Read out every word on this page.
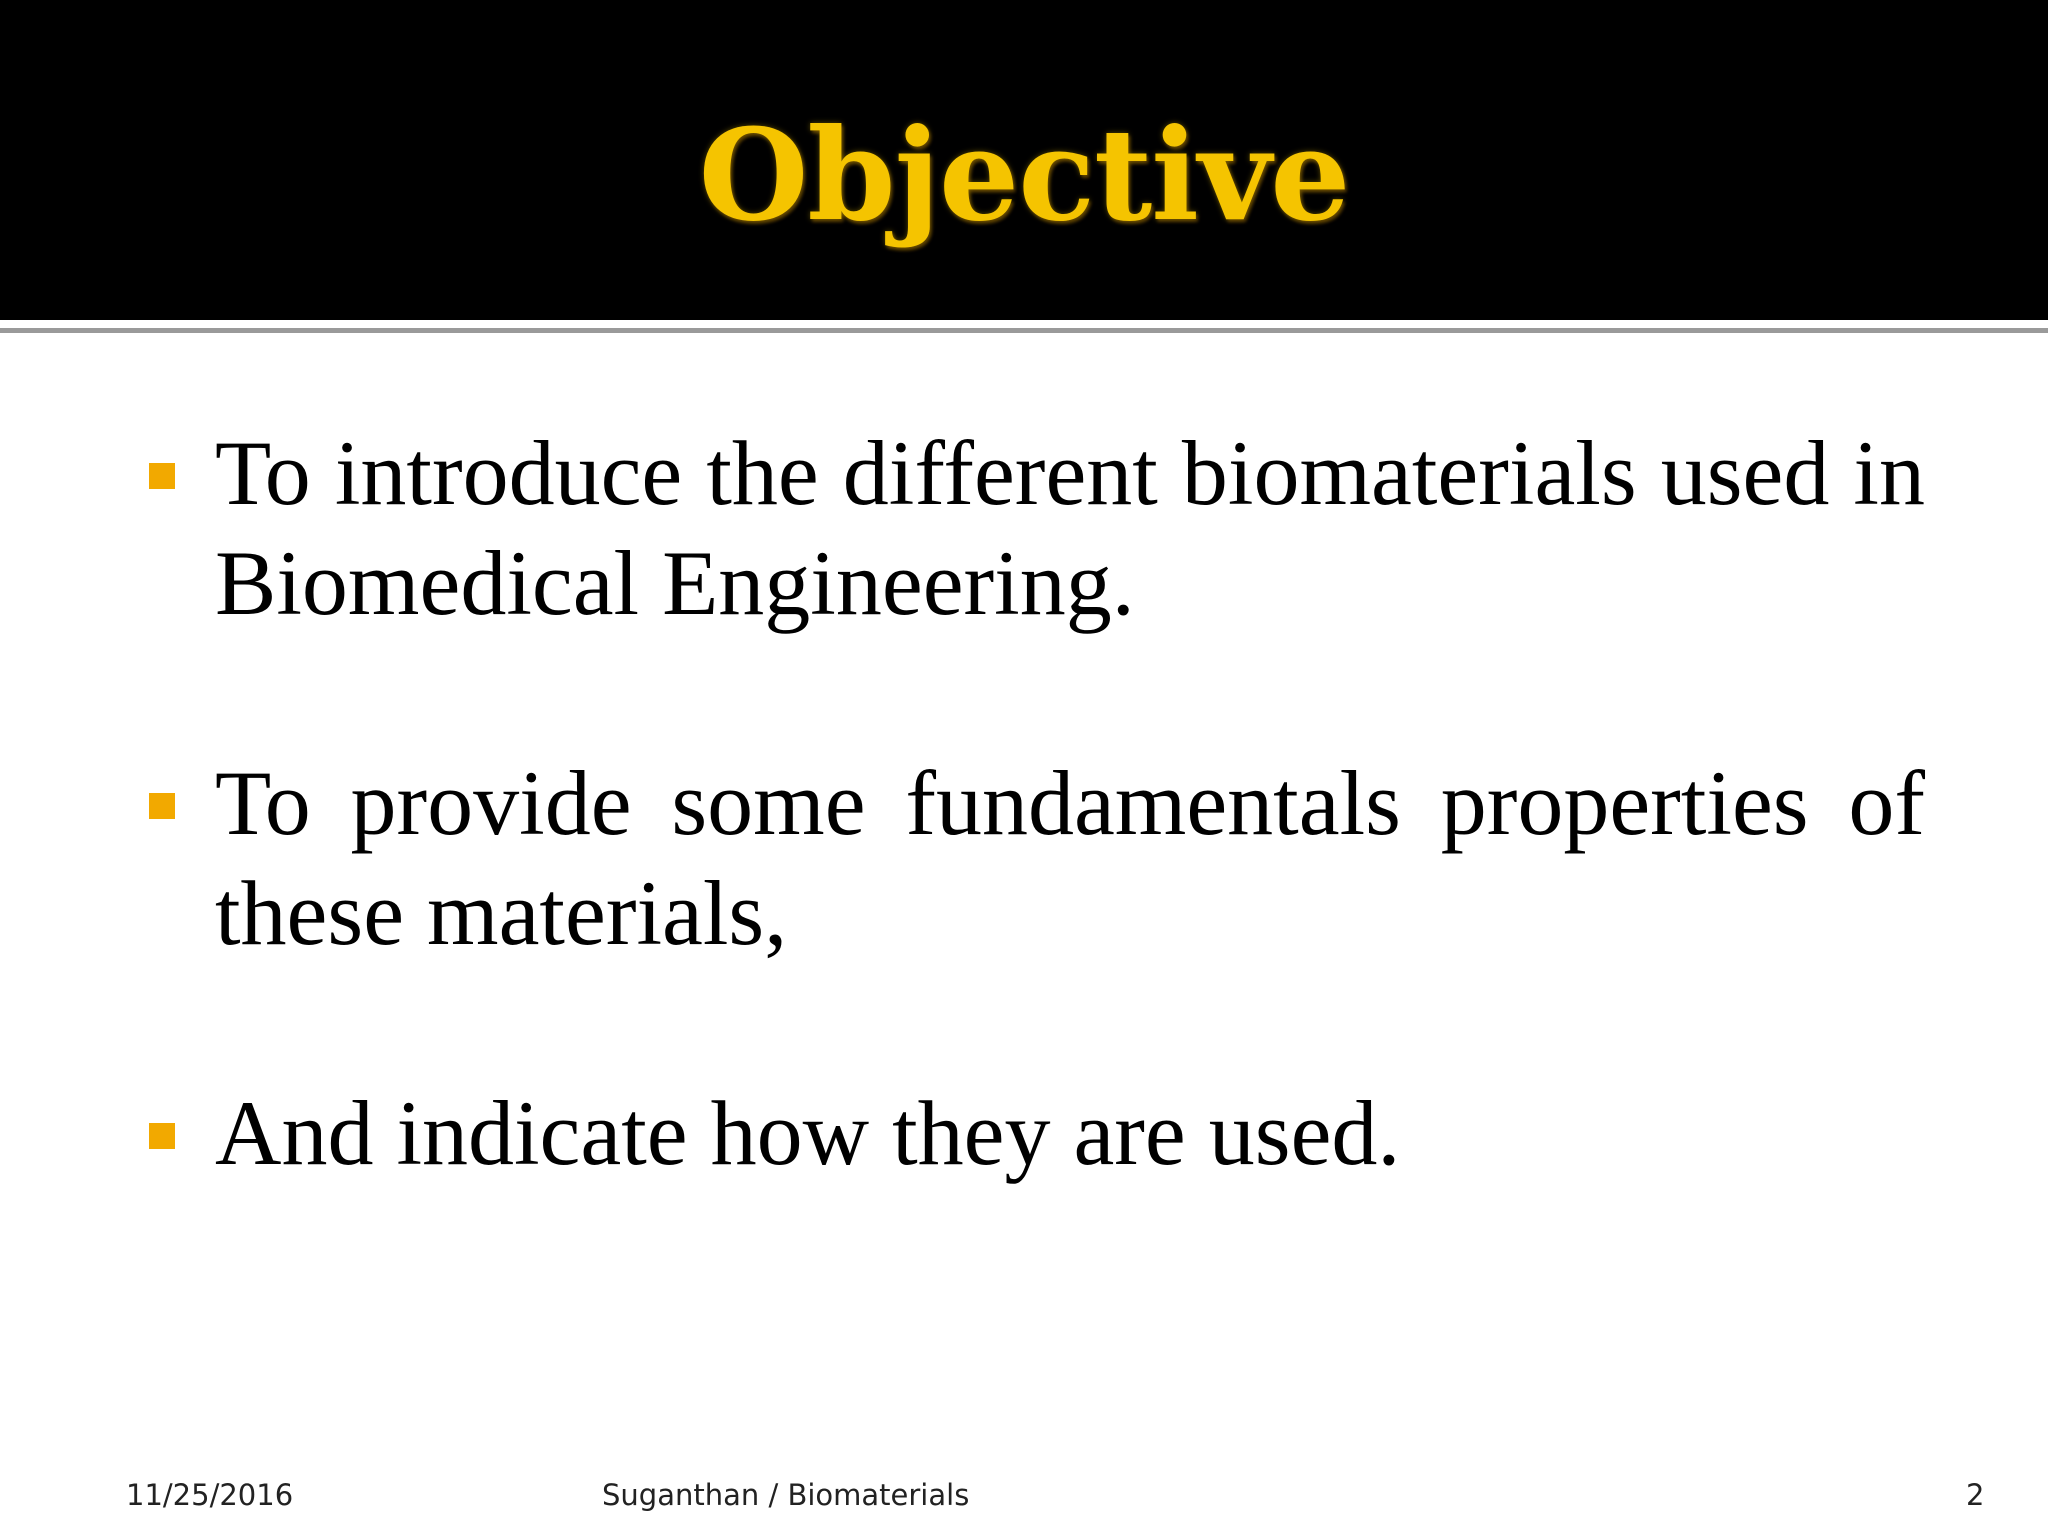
Objective
To introduce the different biomaterials used in Biomedical Engineering.
To provide some fundamentals properties of these materials,
And indicate how they are used.
11/25/2016	Suganthan / Biomaterials	2
